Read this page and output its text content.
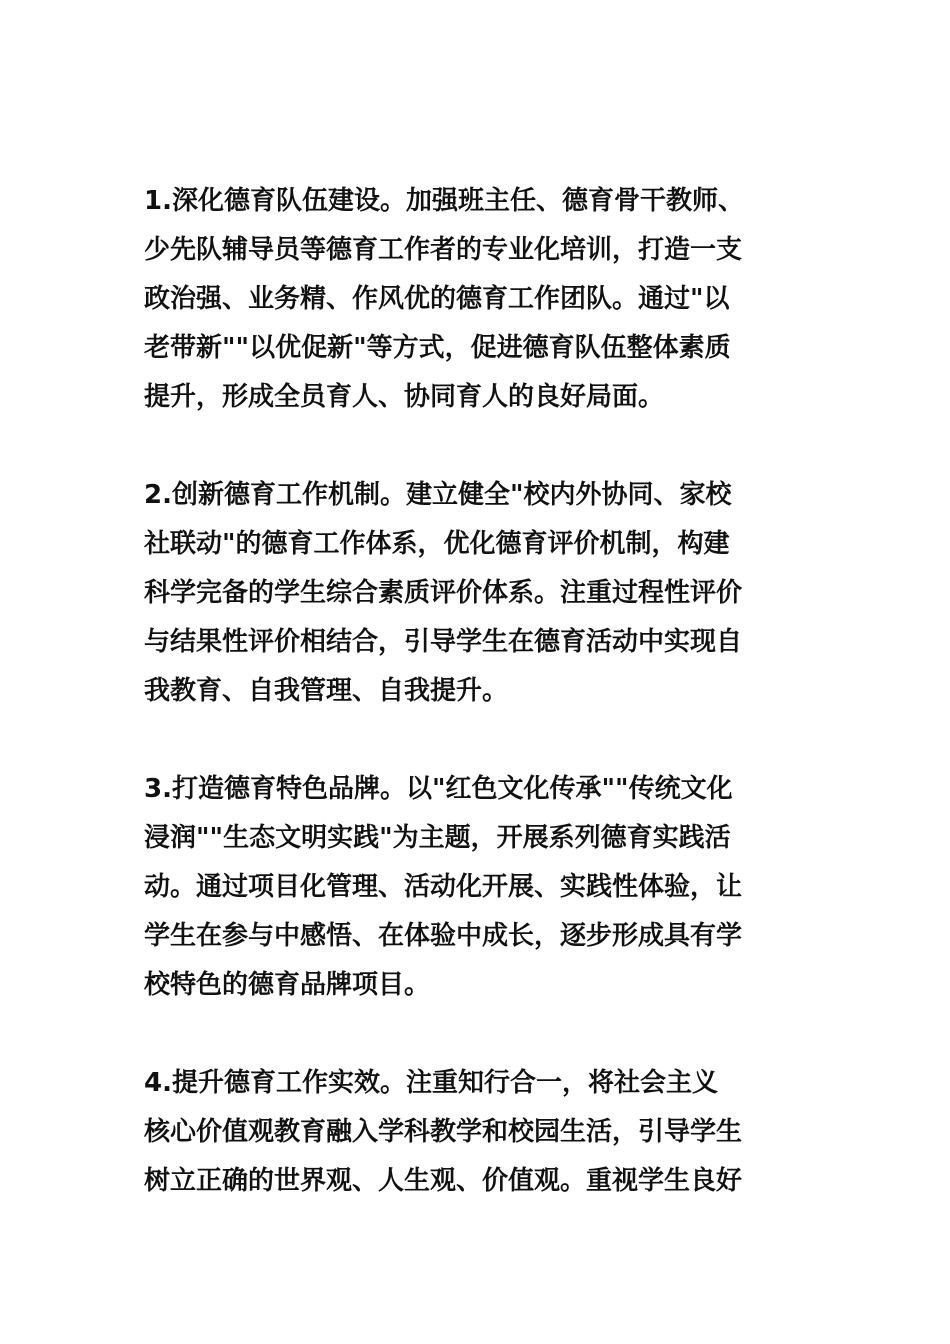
1.深化德育队伍建设。加强班主任、德育骨干教师、
少先队辅导员等德育工作者的专业化培训，打造一支
政治强、业务精、作风优的德育工作团队。通过"以
老带新""以优促新"等方式，促进德育队伍整体素质
提升，形成全员育人、协同育人的良好局面。
2.创新德育工作机制。建立健全"校内外协同、家校
社联动"的德育工作体系，优化德育评价机制，构建
科学完备的学生综合素质评价体系。注重过程性评价
与结果性评价相结合，引导学生在德育活动中实现自
我教育、自我管理、自我提升。
3.打造德育特色品牌。以"红色文化传承""传统文化
浸润""生态文明实践"为主题，开展系列德育实践活
动。通过项目化管理、活动化开展、实践性体验，让
学生在参与中感悟、在体验中成长，逐步形成具有学
校特色的德育品牌项目。
4.提升德育工作实效。注重知行合一，将社会主义
核心价值观教育融入学科教学和校园生活，引导学生
树立正确的世界观、人生观、价值观。重视学生良好
